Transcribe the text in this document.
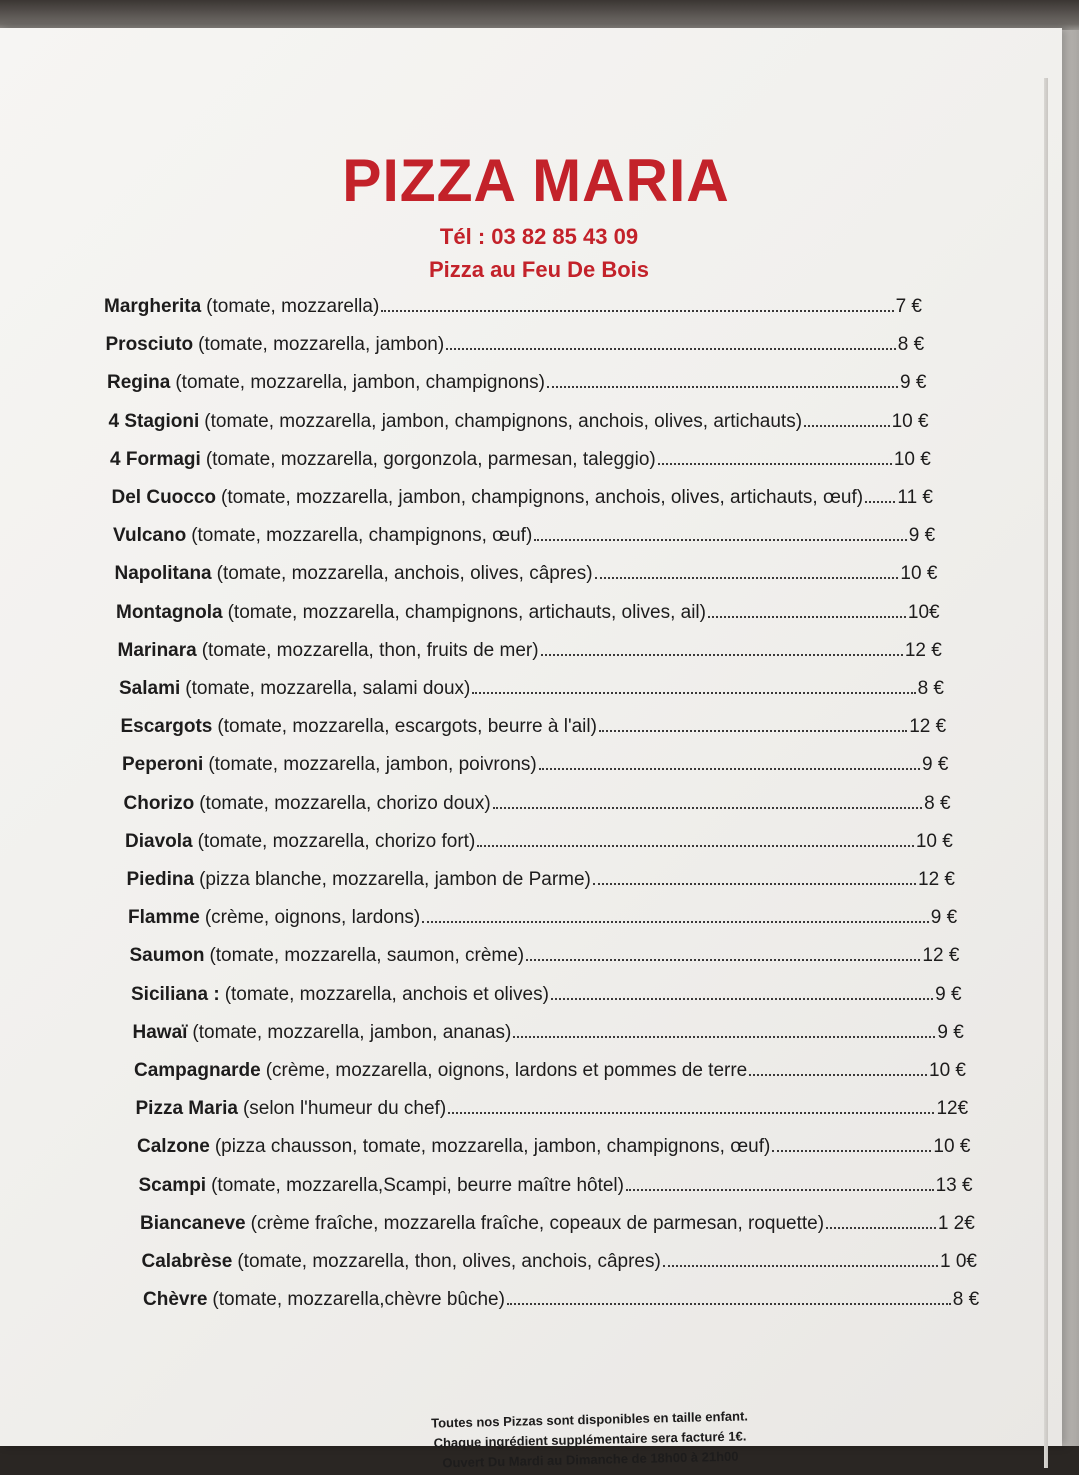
PIZZA MARIA
Tél : 03 82 85 43 09
Pizza au Feu De Bois
Margherita (tomate, mozzarella)	7 €
Prosciuto (tomate, mozzarella, jambon)	8 €
Regina (tomate, mozzarella, jambon, champignons)	9 €
4 Stagioni (tomate, mozzarella, jambon, champignons, anchois, olives, artichauts)	10 €
4 Formagi (tomate, mozzarella, gorgonzola, parmesan, taleggio)	10 €
Del Cuocco (tomate, mozzarella, jambon, champignons, anchois, olives, artichauts, œuf) 11 €
Vulcano (tomate, mozzarella, champignons, œuf)	9 €
Napolitana (tomate, mozzarella, anchois, olives, câpres)	10 €
Montagnola (tomate, mozzarella, champignons, artichauts, olives, ail)	10€
Marinara (tomate, mozzarella, thon, fruits de mer)	12 €
Salami (tomate, mozzarella, salami doux)	8 €
Escargots (tomate, mozzarella, escargots, beurre à l'ail)	12 €
Peperoni (tomate, mozzarella, jambon, poivrons)	9 €
Chorizo (tomate, mozzarella, chorizo doux)	8 €
Diavola (tomate, mozzarella, chorizo fort)	10 €
Piedina (pizza blanche, mozzarella, jambon de Parme)	12 €
Flamme (crème, oignons, lardons)	9 €
Saumon (tomate, mozzarella, saumon, crème)	12 €
Siciliana : (tomate, mozzarella, anchois et olives)	9 €
Hawaï (tomate, mozzarella, jambon, ananas)	9 €
Campagnarde (crème, mozzarella, oignons, lardons et pommes de terre	10 €
Pizza Maria (selon l'humeur du chef)	12€
Calzone (pizza chausson, tomate, mozzarella, jambon, champignons, œuf)	10 €
Scampi (tomate, mozzarella,Scampi, beurre maître hôtel)	13 €
Biancaneve (crème fraîche, mozzarella fraîche, copeaux de parmesan, roquette)	1 2€
Calabrèse (tomate, mozzarella, thon, olives, anchois, câpres)	1 0€
Chèvre (tomate, mozzarella,chèvre bûche)	8 €
Toutes nos Pizzas sont disponibles en taille enfant.
Chaque ingrédient supplémentaire sera facturé 1€.
Ouvert Du Mardi au Dimanche de 18h00 à 21h00
